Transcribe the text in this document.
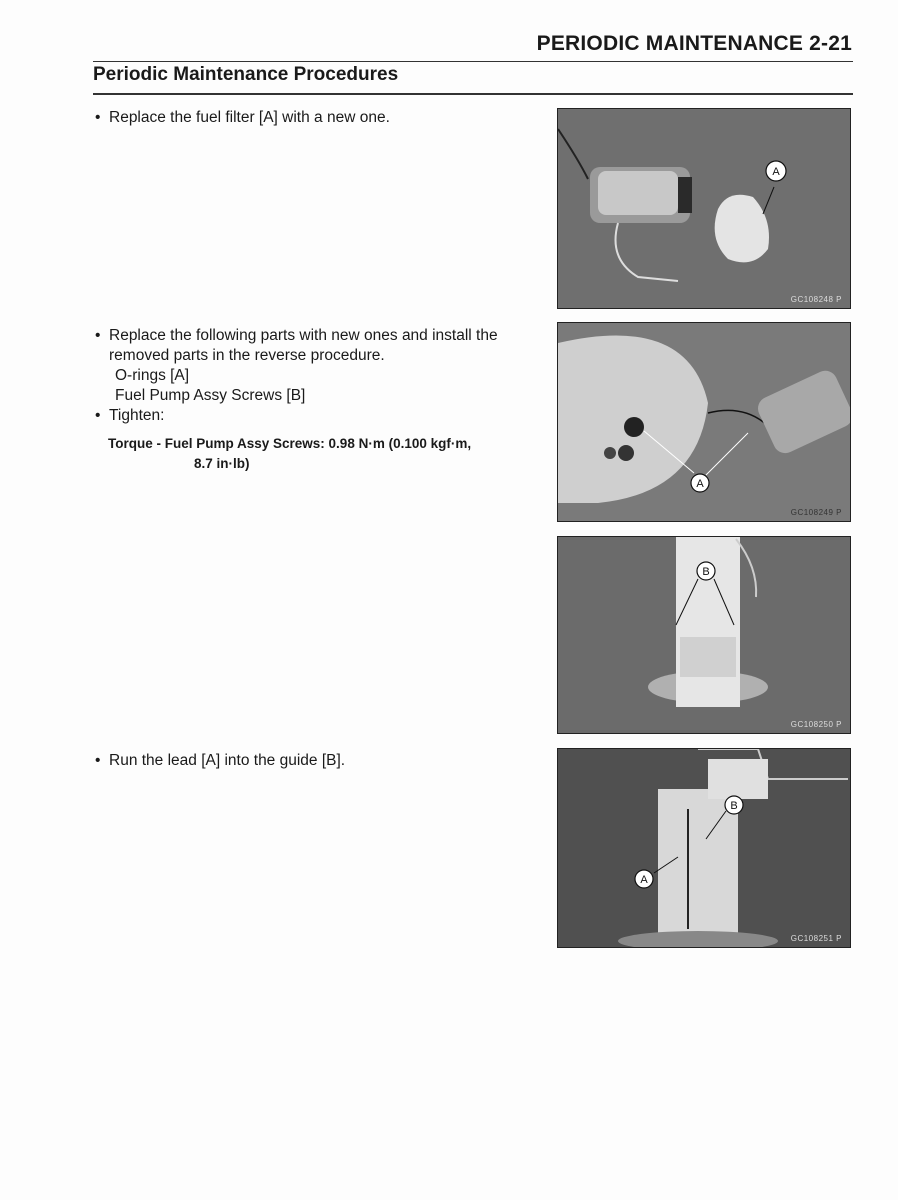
PERIODIC MAINTENANCE 2-21
Periodic Maintenance Procedures
• Replace the fuel filter [A] with a new one.
• Replace the following parts with new ones and install the
removed parts in the reverse procedure.
O-rings [A]
Fuel Pump Assy Screws [B]
• Tighten:
Torque - Fuel Pump Assy Screws: 0.98 N·m (0.100 kgf·m,
8.7 in·lb)
• Run the lead [A] into the guide [B].
A
GC108248 P
A
GC108249 P
B
GC108250 P
B
A
GC108251 P
